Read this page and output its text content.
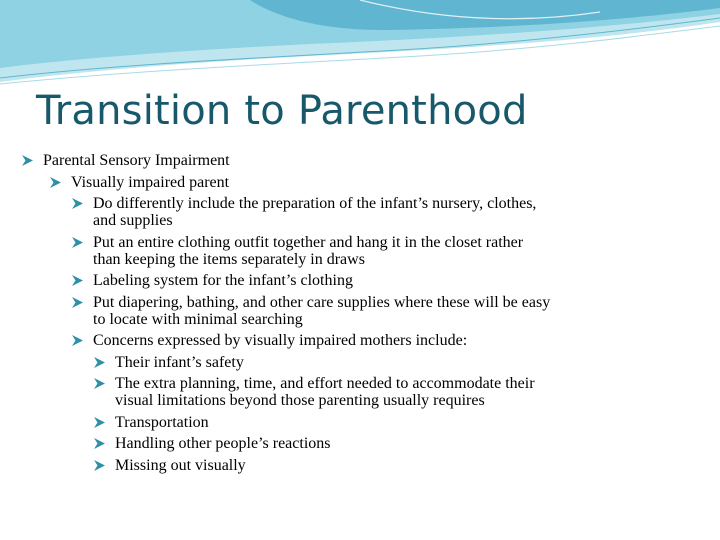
Transition to Parenthood
Parental Sensory Impairment
Visually impaired parent
Do differently include the preparation of the infant’s nursery, clothes,
and supplies
Put an entire clothing outfit together and hang it in the closet rather
than keeping the items separately in draws
Labeling system for the infant’s clothing
Put diapering, bathing, and other care supplies where these will be easy
to locate with minimal searching
Concerns expressed by visually impaired mothers include:
Their infant’s safety
The extra planning, time, and effort needed to accommodate their
visual limitations beyond those parenting usually requires
Transportation
Handling other people’s reactions
Missing out visually
